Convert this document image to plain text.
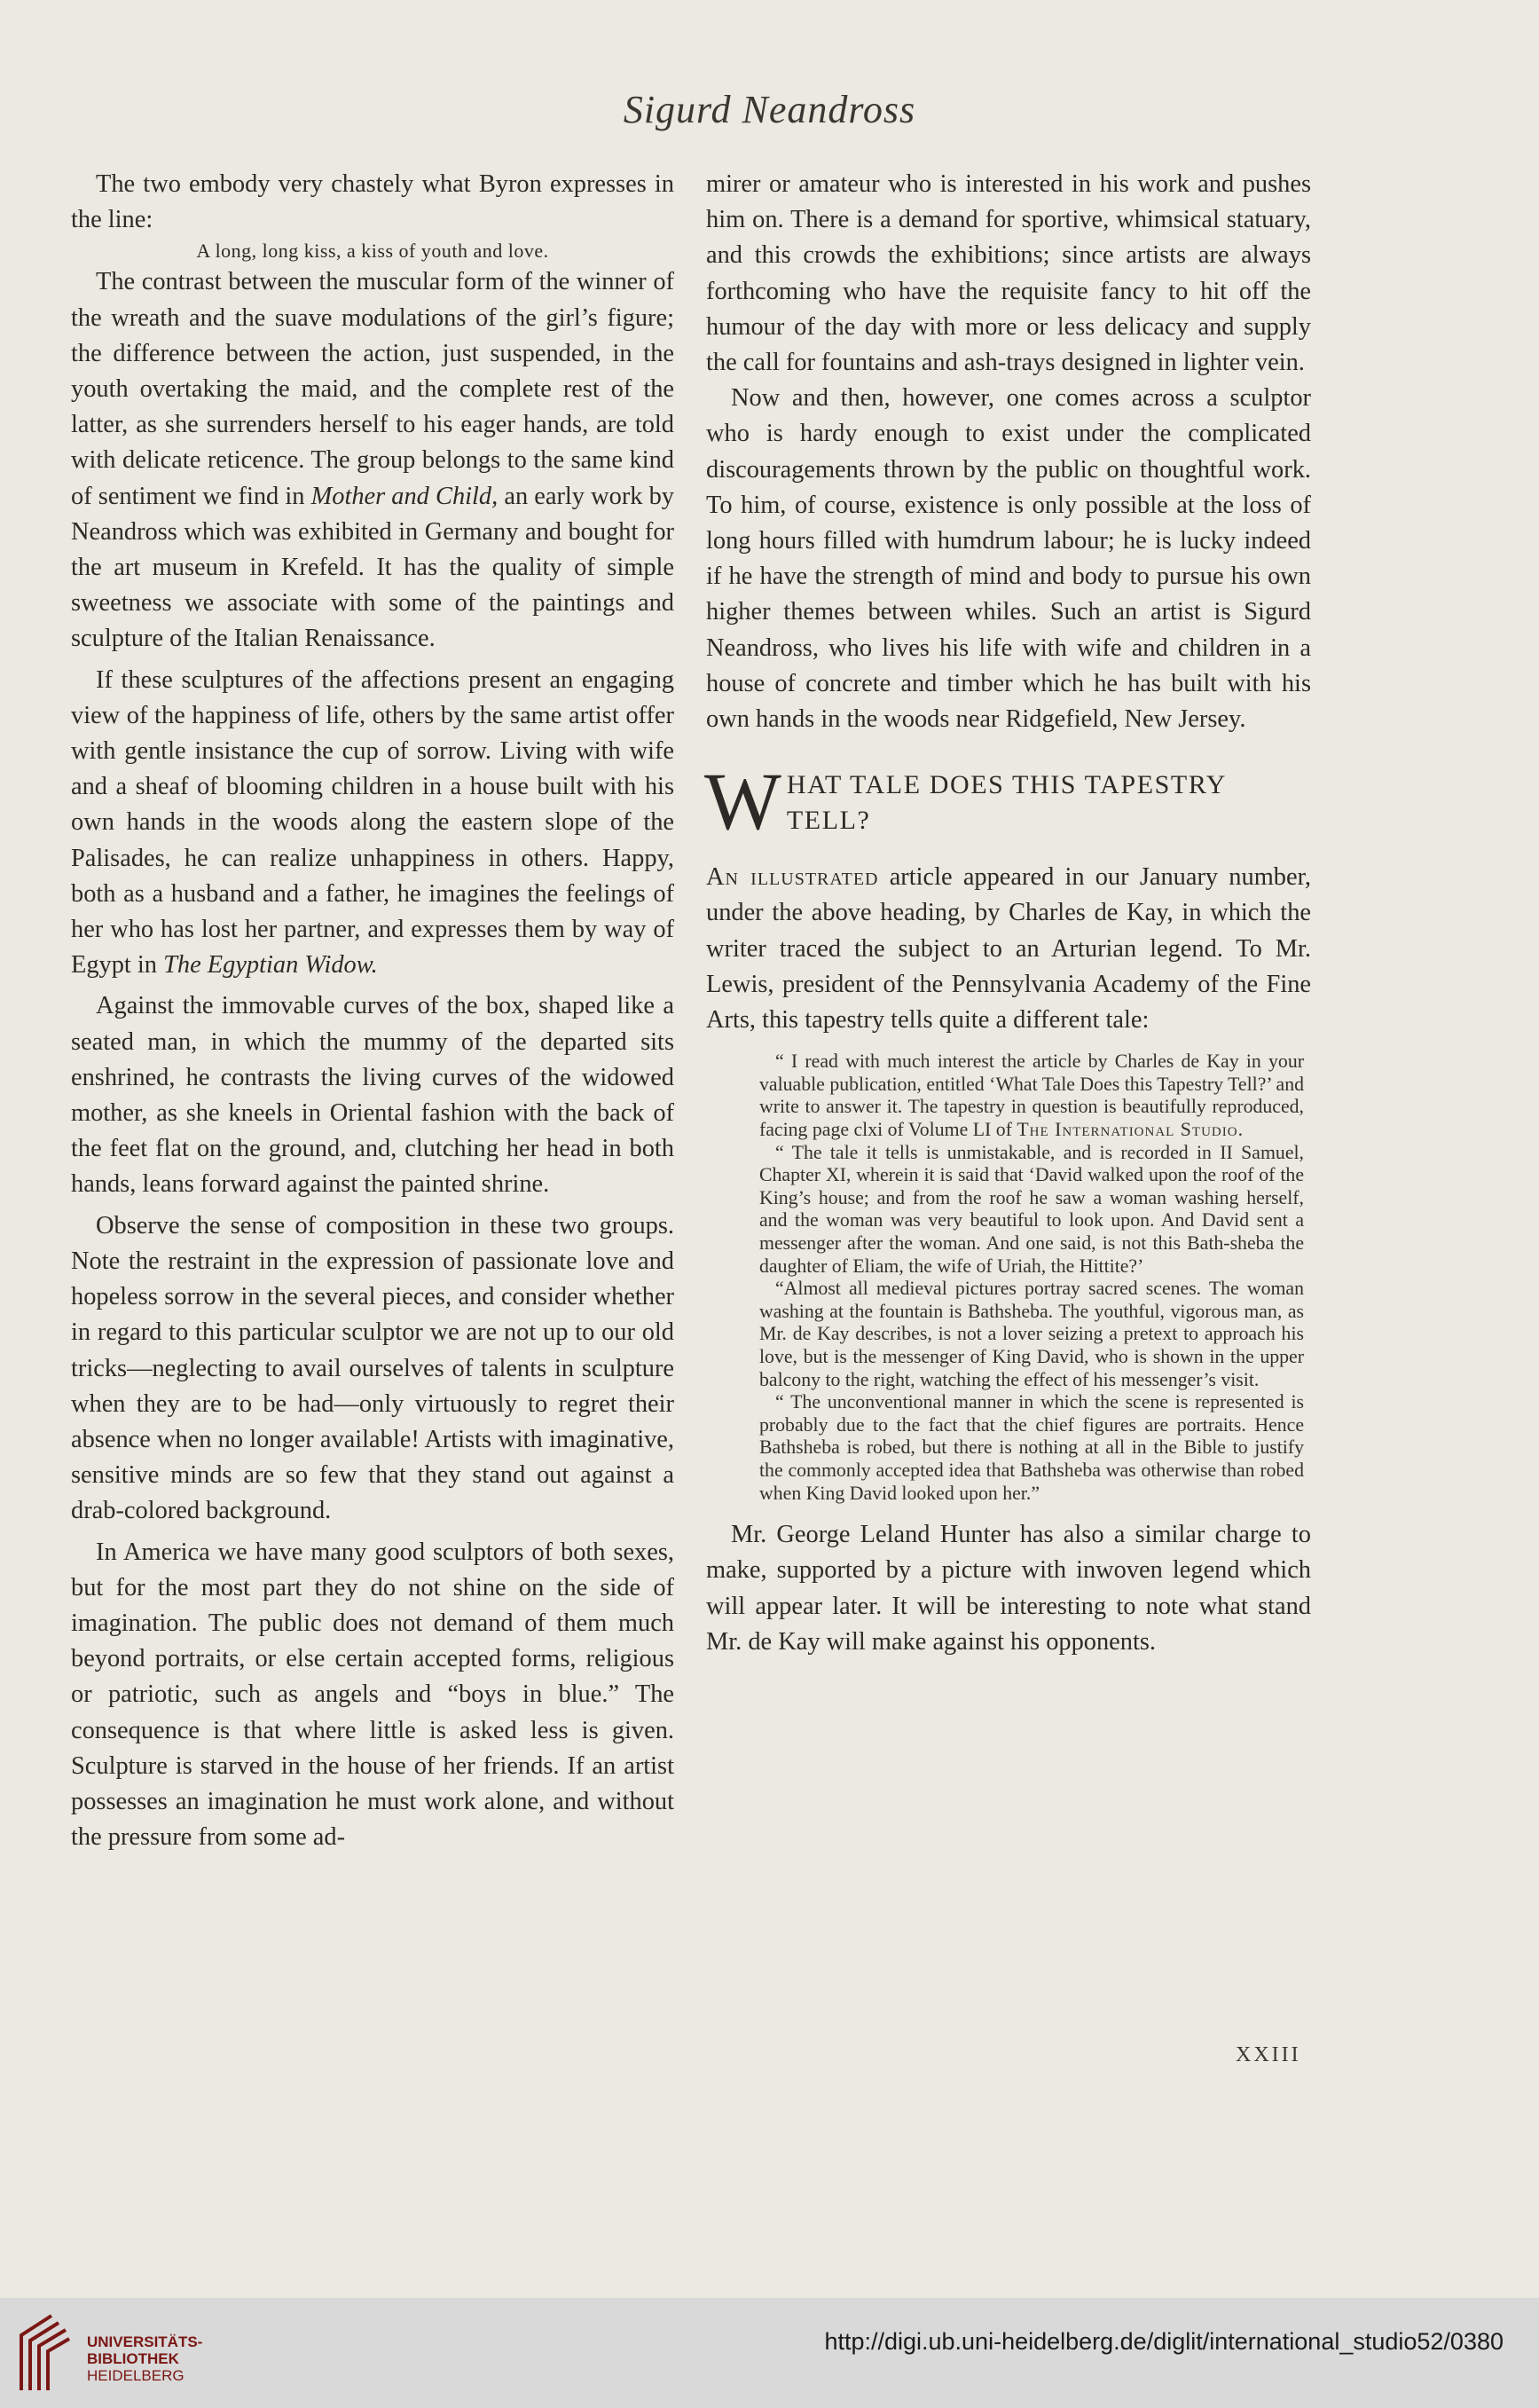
Sigurd Neandross

The two embody very chastely what Byron expresses in the line:

A long, long kiss, a kiss of youth and love.

The contrast between the muscular form of the winner of the wreath and the suave modulations of the girl’s figure; the difference between the action, just suspended, in the youth overtaking the maid, and the complete rest of the latter, as she surrenders herself to his eager hands, are told with delicate reticence. The group belongs to the same kind of sentiment we find in Mother and Child, an early work by Neandross which was exhibited in Germany and bought for the art museum in Krefeld. It has the quality of simple sweetness we associate with some of the paintings and sculpture of the Italian Renaissance.

If these sculptures of the affections present an engaging view of the happiness of life, others by the same artist offer with gentle insistance the cup of sorrow. Living with wife and a sheaf of blooming children in a house built with his own hands in the woods along the eastern slope of the Palisades, he can realize unhappiness in others. Happy, both as a husband and a father, he imagines the feelings of her who has lost her partner, and expresses them by way of Egypt in The Egyptian Widow.

Against the immovable curves of the box, shaped like a seated man, in which the mummy of the departed sits enshrined, he contrasts the living curves of the widowed mother, as she kneels in Oriental fashion with the back of the feet flat on the ground, and, clutching her head in both hands, leans forward against the painted shrine.

Observe the sense of composition in these two groups. Note the restraint in the expression of passionate love and hopeless sorrow in the several pieces, and consider whether in regard to this particular sculptor we are not up to our old tricks—neglecting to avail ourselves of talents in sculpture when they are to be had—only virtuously to regret their absence when no longer available! Artists with imaginative, sensitive minds are so few that they stand out against a drab-colored background.

In America we have many good sculptors of both sexes, but for the most part they do not shine on the side of imagination. The public does not demand of them much beyond portraits, or else certain accepted forms, religious or patriotic, such as angels and “boys in blue.” The consequence is that where little is asked less is given. Sculpture is starved in the house of her friends. If an artist possesses an imagination he must work alone, and without the pressure from some ad-

mirer or amateur who is interested in his work and pushes him on. There is a demand for sportive, whimsical statuary, and this crowds the exhibitions; since artists are always forthcoming who have the requisite fancy to hit off the humour of the day with more or less delicacy and supply the call for fountains and ash-trays designed in lighter vein.

Now and then, however, one comes across a sculptor who is hardy enough to exist under the complicated discouragements thrown by the public on thoughtful work. To him, of course, existence is only possible at the loss of long hours filled with humdrum labour; he is lucky indeed if he have the strength of mind and body to pursue his own higher themes between whiles. Such an artist is Sigurd Neandross, who lives his life with wife and children in a house of concrete and timber which he has built with his own hands in the woods near Ridgefield, New Jersey.

W HAT TALE DOES THIS TAPESTRY
TELL?

An illustrated article appeared in our January number, under the above heading, by Charles de Kay, in which the writer traced the subject to an Arturian legend. To Mr. Lewis, president of the Pennsylvania Academy of the Fine Arts, this tapestry tells quite a different tale:

“ I read with much interest the article by Charles de Kay in your valuable publication, entitled ‘What Tale Does this Tapestry Tell?’ and write to answer it. The tapestry in question is beautifully reproduced, facing page clxi of Volume LI of The International Studio.

“ The tale it tells is unmistakable, and is recorded in II Samuel, Chapter XI, wherein it is said that ‘David walked upon the roof of the King’s house; and from the roof he saw a woman washing herself, and the woman was very beautiful to look upon. And David sent a messenger after the woman. And one said, is not this Bath-sheba the daughter of Eliam, the wife of Uriah, the Hittite?’

“Almost all medieval pictures portray sacred scenes. The woman washing at the fountain is Bathsheba. The youthful, vigorous man, as Mr. de Kay describes, is not a lover seizing a pretext to approach his love, but is the messenger of King David, who is shown in the upper balcony to the right, watching the effect of his messenger’s visit.

“ The unconventional manner in which the scene is represented is probably due to the fact that the chief figures are portraits. Hence Bathsheba is robed, but there is nothing at all in the Bible to justify the commonly accepted idea that Bathsheba was otherwise than robed when King David looked upon her.”

Mr. George Leland Hunter has also a similar charge to make, supported by a picture with inwoven legend which will appear later. It will be interesting to note what stand Mr. de Kay will make against his opponents.

XXIII
UNIVERSITÄTS-
BIBLIOTHEK
HEIDELBERG
http://digi.ub.uni-heidelberg.de/diglit/international_studio52/0380
